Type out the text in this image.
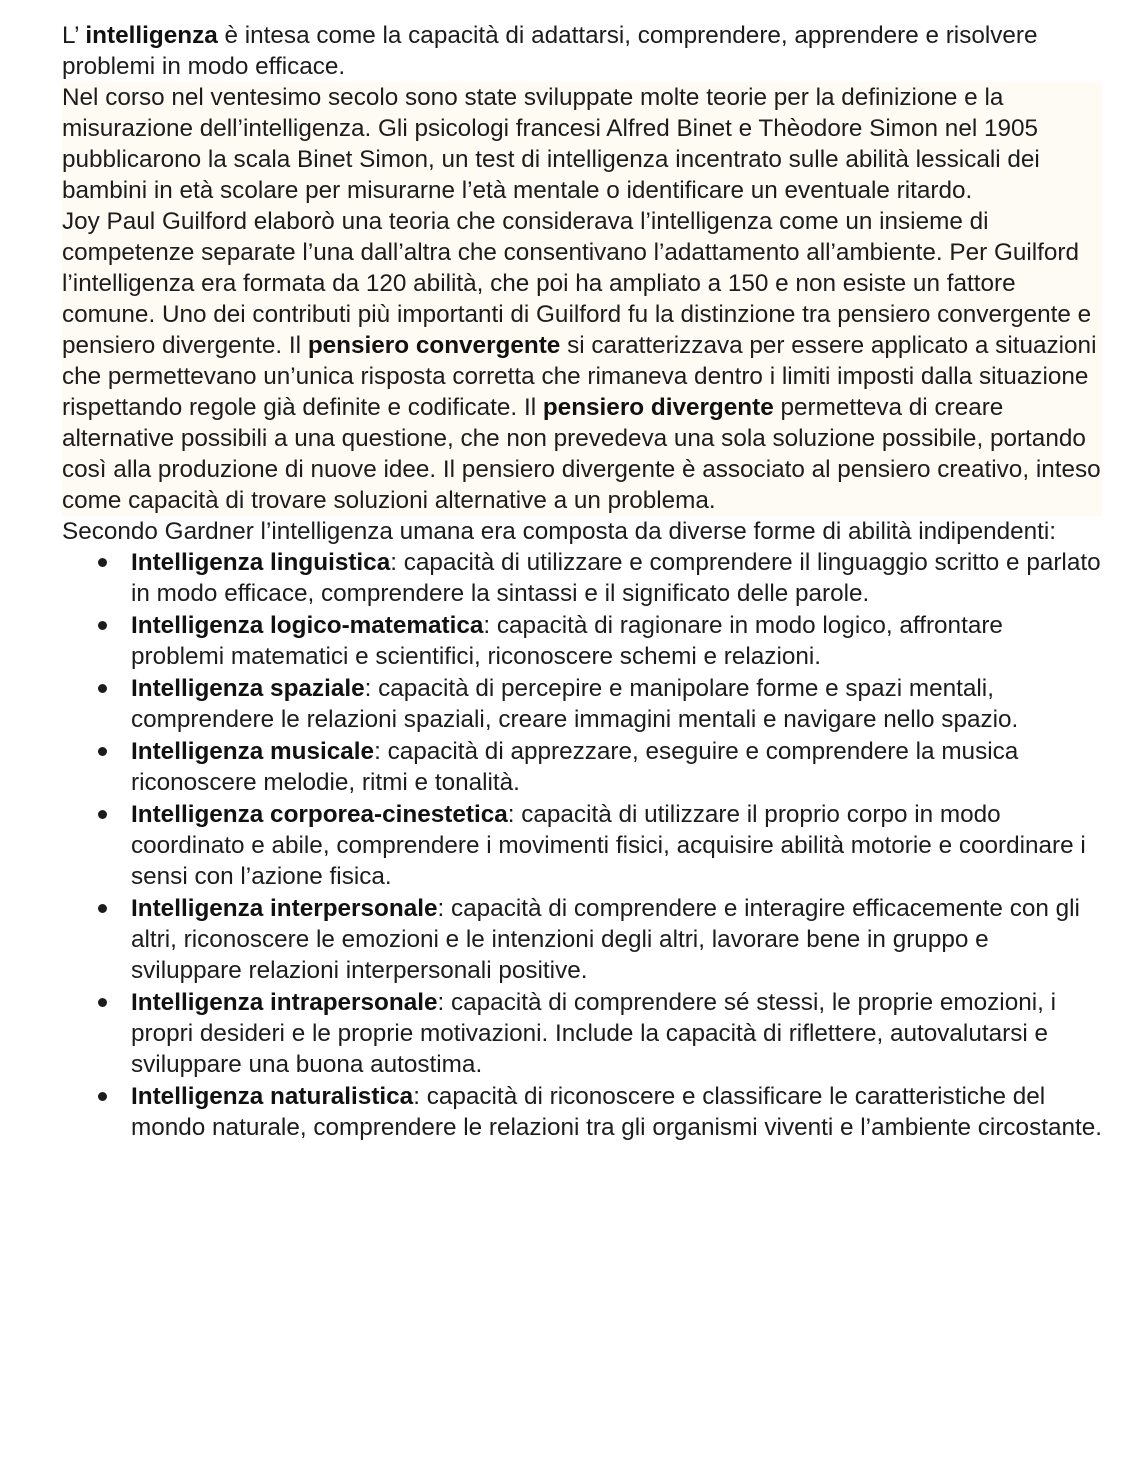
L’ intelligenza è intesa come la capacità di adattarsi, comprendere, apprendere e risolvere problemi in modo efficace.

Nel corso nel ventesimo secolo sono state sviluppate molte teorie per la definizione e la misurazione dell’intelligenza. Gli psicologi francesi Alfred Binet e Thèodore Simon nel 1905 pubblicarono la scala Binet Simon, un test di intelligenza incentrato sulle abilità lessicali dei bambini in età scolare per misurarne l’età mentale o identificare un eventuale ritardo.

Joy Paul Guilford elaborò una teoria che considerava l’intelligenza come un insieme di competenze separate l’una dall’altra che consentivano l’adattamento all’ambiente. Per Guilford l’intelligenza era formata da 120 abilità, che poi ha ampliato a 150 e non esiste un fattore comune. Uno dei contributi più importanti di Guilford fu la distinzione tra pensiero convergente e pensiero divergente. Il pensiero convergente si caratterizzava per essere applicato a situazioni che permettevano un’unica risposta corretta che rimaneva dentro i limiti imposti dalla situazione rispettando regole già definite e codificate. Il pensiero divergente permetteva di creare alternative possibili a una questione, che non prevedeva una sola soluzione possibile, portando così alla produzione di nuove idee. Il pensiero divergente è associato al pensiero creativo, inteso come capacità di trovare soluzioni alternative a un problema.

Secondo Gardner l’intelligenza umana era composta da diverse forme di abilità indipendenti:

Intelligenza linguistica: capacità di utilizzare e comprendere il linguaggio scritto e parlato in modo efficace, comprendere la sintassi e il significato delle parole.
Intelligenza logico-matematica: capacità di ragionare in modo logico, affrontare problemi matematici e scientifici, riconoscere schemi e relazioni.
Intelligenza spaziale: capacità di percepire e manipolare forme e spazi mentali, comprendere le relazioni spaziali, creare immagini mentali e navigare nello spazio.
Intelligenza musicale: capacità di apprezzare, eseguire e comprendere la musica riconoscere melodie, ritmi e tonalità.
Intelligenza corporea-cinestetica: capacità di utilizzare il proprio corpo in modo coordinato e abile, comprendere i movimenti fisici, acquisire abilità motorie e coordinare i sensi con l’azione fisica.
Intelligenza interpersonale: capacità di comprendere e interagire efficacemente con gli altri, riconoscere le emozioni e le intenzioni degli altri, lavorare bene in gruppo e sviluppare relazioni interpersonali positive.
Intelligenza intrapersonale: capacità di comprendere sé stessi, le proprie emozioni, i propri desideri e le proprie motivazioni. Include la capacità di riflettere, autovalutarsi e sviluppare una buona autostima.
Intelligenza naturalistica: capacità di riconoscere e classificare le caratteristiche del mondo naturale, comprendere le relazioni tra gli organismi viventi e l’ambiente circostante.
